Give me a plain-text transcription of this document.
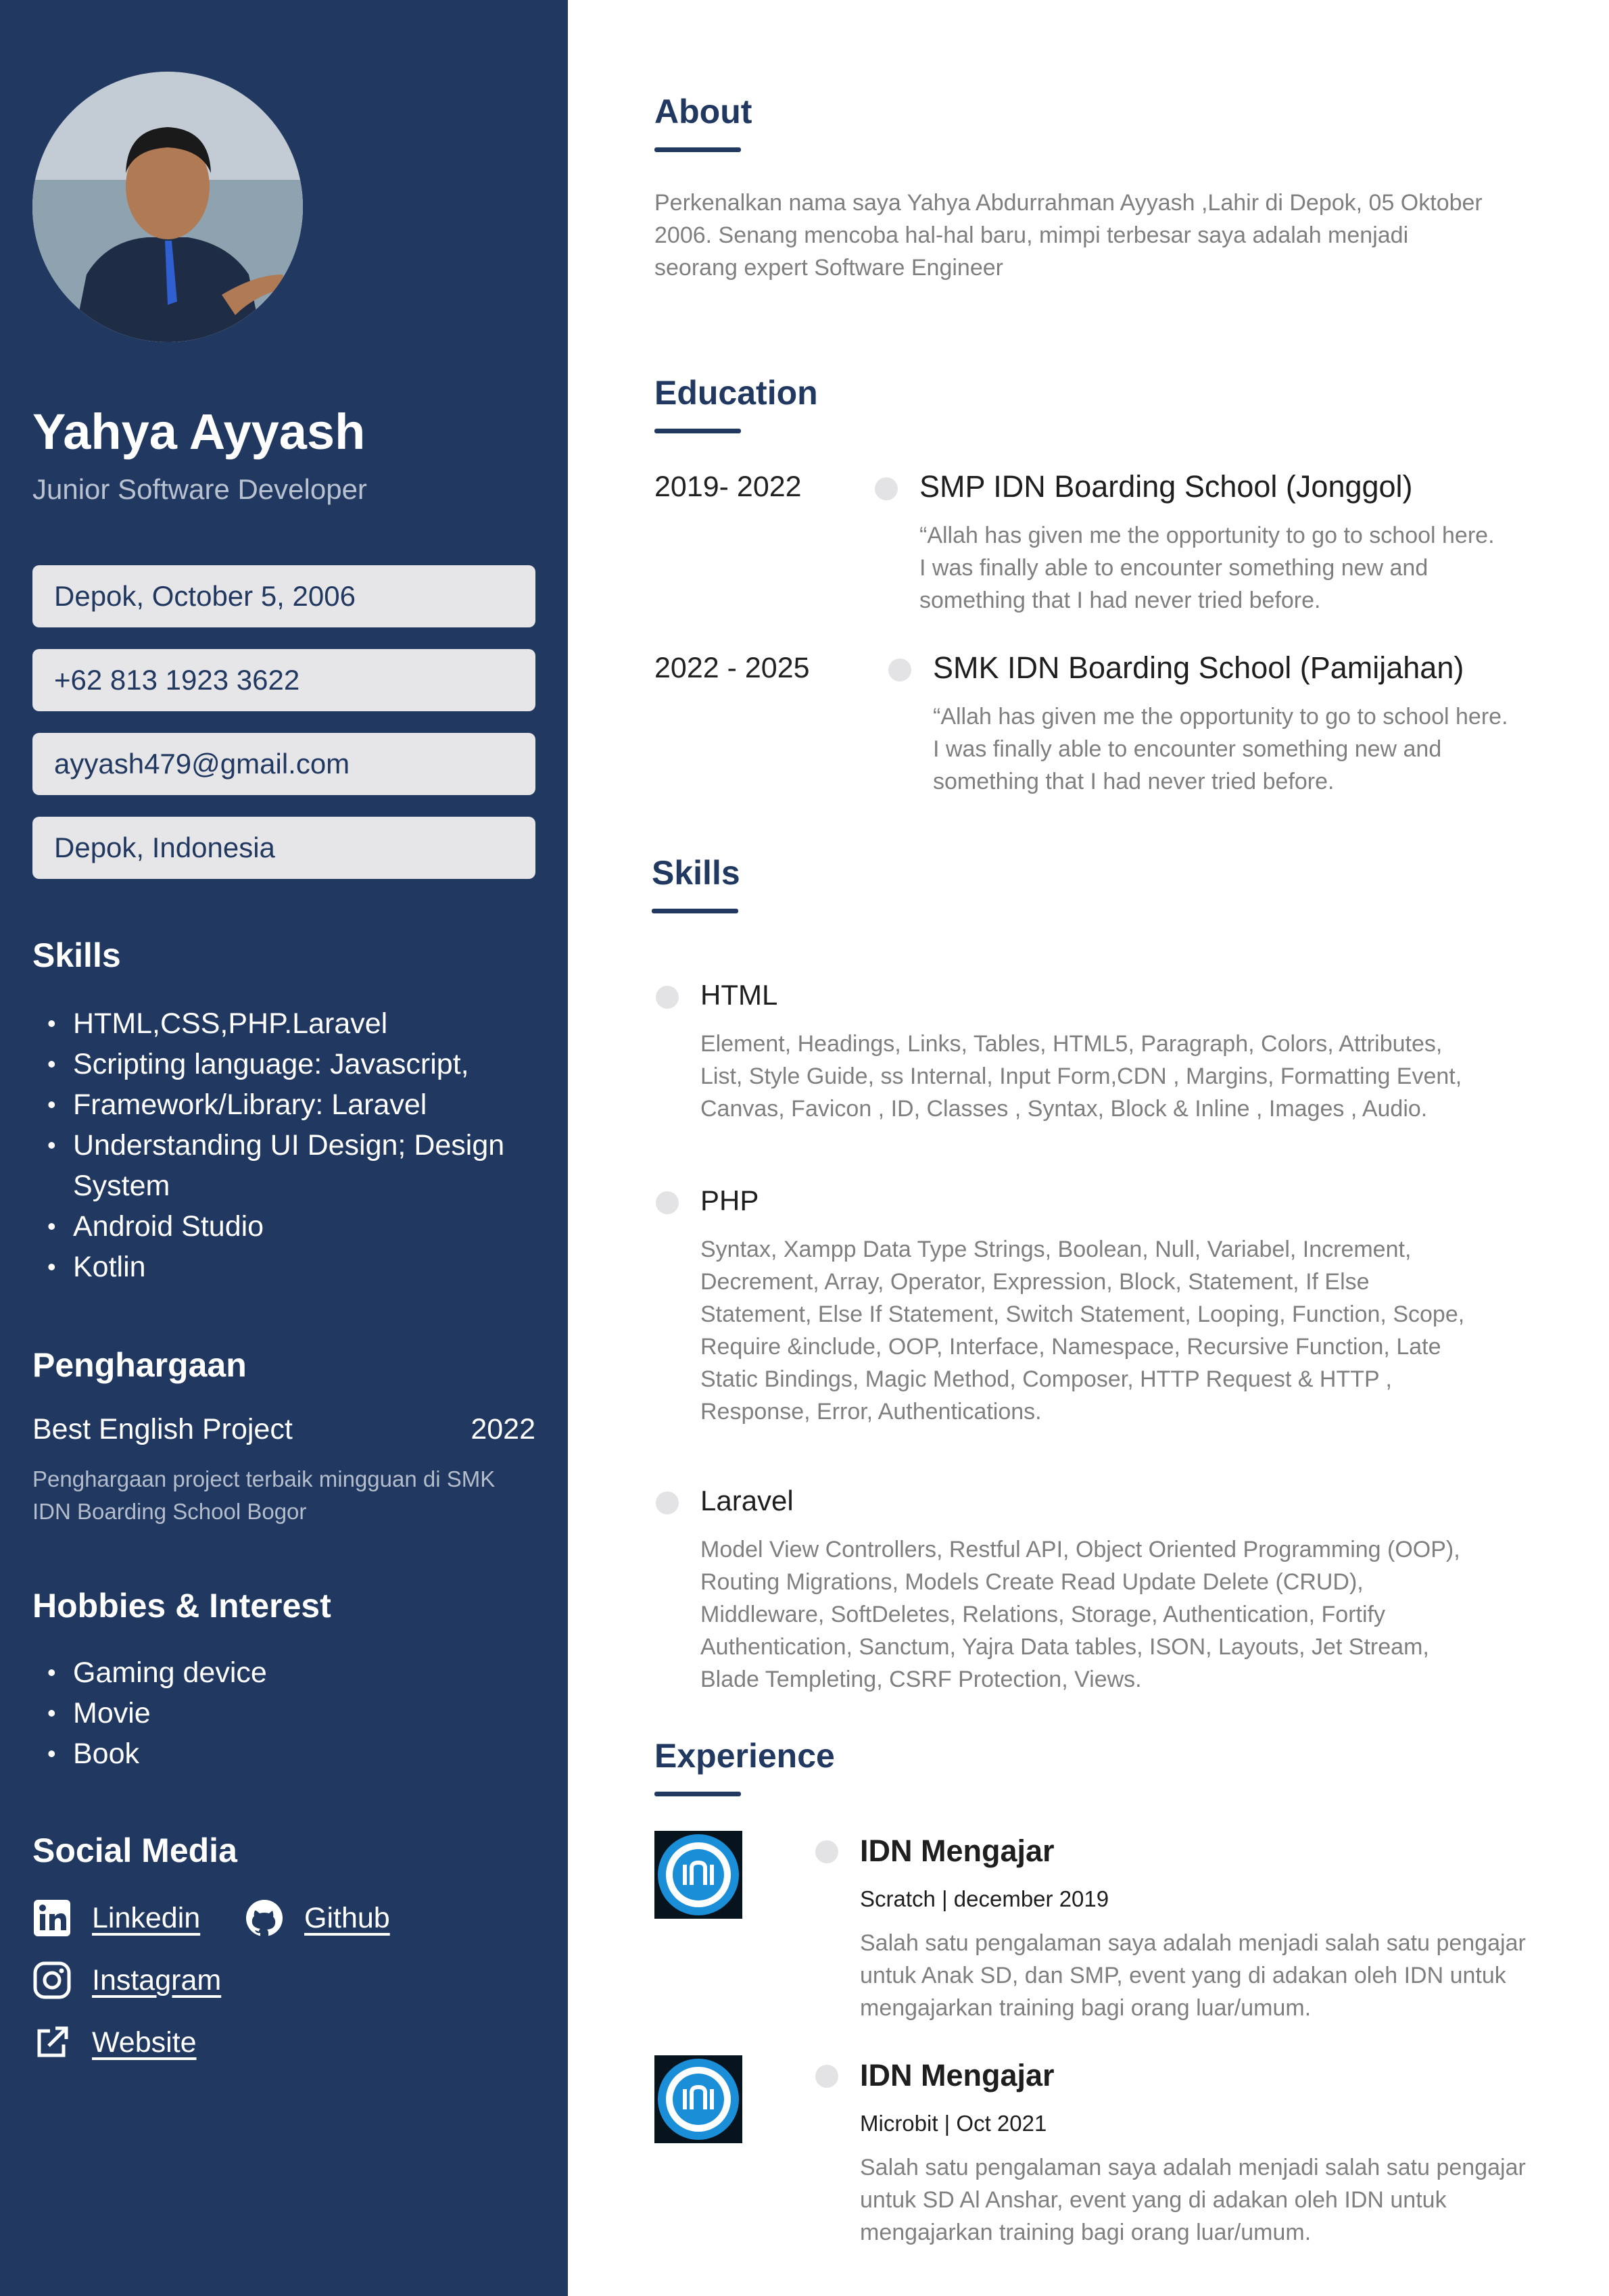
Yahya Ayyash
Junior Software Developer
Depok, October 5, 2006
+62 813 1923 3622
ayyash479@gmail.com
Depok, Indonesia
Skills
• HTML,CSS,PHP.Laravel
• Scripting language: Javascript,
• Framework/Library: Laravel
• Understanding UI Design; Design
System
• Android Studio
• Kotlin
Penghargaan
Best English Project	2022
Penghargaan project terbaik mingguan di SMK IDN Boarding School Bogor
Hobbies & Interest
• Gaming device
• Movie
• Book
Social Media
Linkedin	Github
Instagram
Website
About
Perkenalkan nama saya Yahya Abdurrahman Ayyash ,Lahir di Depok, 05 Oktober 2006. Senang mencoba hal-hal baru, mimpi terbesar saya adalah menjadi seorang expert Software Engineer
Education
2019- 2022	SMP IDN Boarding School (Jonggol)
“Allah has given me the opportunity to go to school here. I was finally able to encounter something new and something that I had never tried before.
2022 - 2025	SMK IDN Boarding School (Pamijahan)
“Allah has given me the opportunity to go to school here. I was finally able to encounter something new and something that I had never tried before.
Skills
HTML
Element, Headings, Links, Tables, HTML5, Paragraph, Colors, Attributes, List, Style Guide, ss Internal, Input Form,CDN , Margins, Formatting Event, Canvas, Favicon , ID, Classes , Syntax, Block & Inline , Images , Audio.
PHP
Syntax, Xampp Data Type Strings, Boolean, Null, Variabel, Increment, Decrement, Array, Operator, Expression, Block, Statement, If Else Statement, Else If Statement, Switch Statement, Looping, Function, Scope, Require &include, OOP, Interface, Namespace, Recursive Function, Late Static Bindings, Magic Method, Composer, HTTP Request & HTTP , Response, Error, Authentications.
Laravel
Model View Controllers, Restful API, Object Oriented Programming (OOP), Routing Migrations, Models Create Read Update Delete (CRUD), Middleware, SoftDeletes, Relations, Storage, Authentication, Fortify Authentication, Sanctum, Yajra Data tables, ISON, Layouts, Jet Stream, Blade Templeting, CSRF Protection, Views.
Experience
IDN Mengajar
Scratch | december 2019
Salah satu pengalaman saya adalah menjadi salah satu pengajar untuk Anak SD, dan SMP, event yang di adakan oleh IDN untuk mengajarkan training bagi orang luar/umum.
IDN Mengajar
Microbit | Oct 2021
Salah satu pengalaman saya adalah menjadi salah satu pengajar untuk SD Al Anshar, event yang di adakan oleh IDN untuk mengajarkan training bagi orang luar/umum.
